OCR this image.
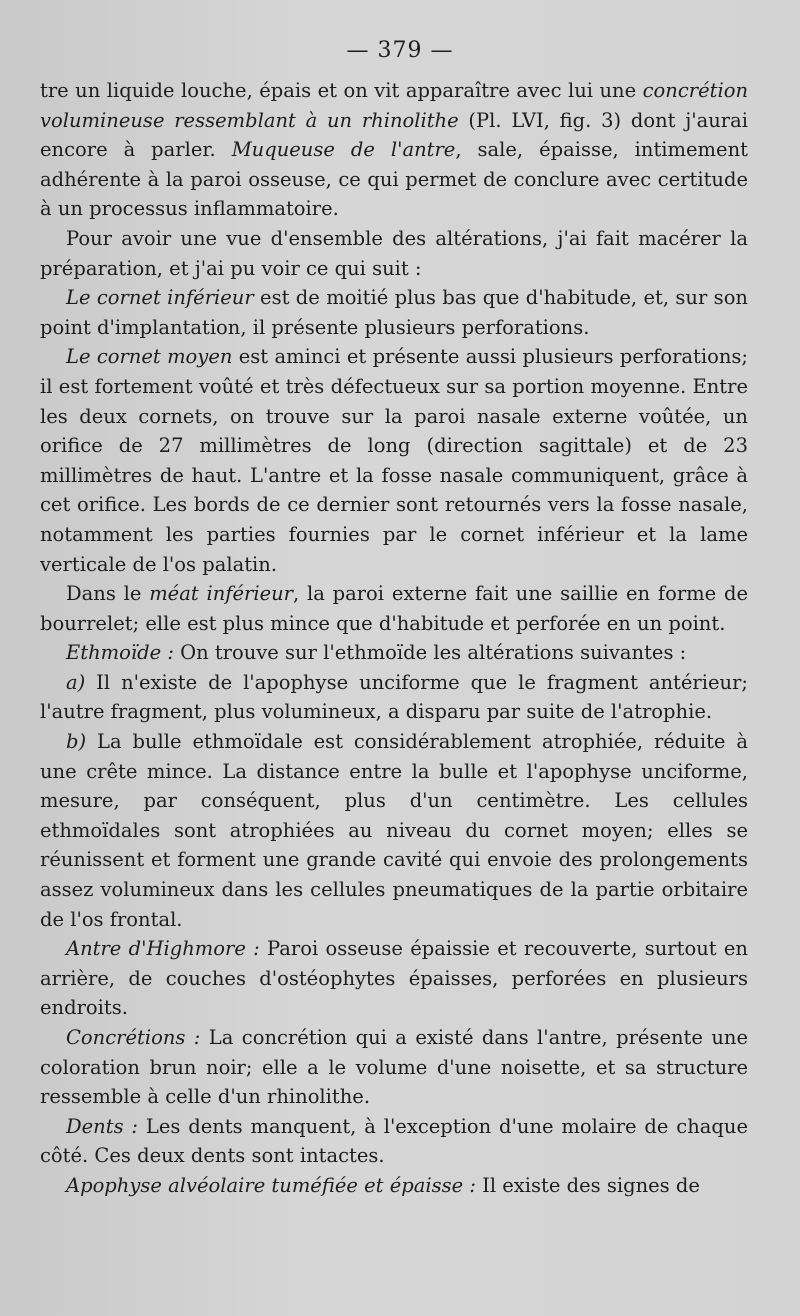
— 379 —

tre un liquide louche, épais et on vit apparaître avec lui une concrétion volumineuse ressemblant à un rhinolithe (Pl. LVI, fig. 3) dont j'aurai encore à parler. Muqueuse de l'antre, sale, épaisse, intimement adhérente à la paroi osseuse, ce qui permet de conclure avec certitude à un processus inflammatoire.

Pour avoir une vue d'ensemble des altérations, j'ai fait macérer la préparation, et j'ai pu voir ce qui suit :

Le cornet inférieur est de moitié plus bas que d'habitude, et, sur son point d'implantation, il présente plusieurs perforations.

Le cornet moyen est aminci et présente aussi plusieurs perforations; il est fortement voûté et très défectueux sur sa portion moyenne. Entre les deux cornets, on trouve sur la paroi nasale externe voûtée, un orifice de 27 millimètres de long (direction sagittale) et de 23 millimètres de haut. L'antre et la fosse nasale communiquent, grâce à cet orifice. Les bords de ce dernier sont retournés vers la fosse nasale, notamment les parties fournies par le cornet inférieur et la lame verticale de l'os palatin.

Dans le méat inférieur, la paroi externe fait une saillie en forme de bourrelet; elle est plus mince que d'habitude et perforée en un point.

Ethmoïde : On trouve sur l'ethmoïde les altérations suivantes :

a) Il n'existe de l'apophyse unciforme que le fragment antérieur; l'autre fragment, plus volumineux, a disparu par suite de l'atrophie.

b) La bulle ethmoïdale est considérablement atrophiée, réduite à une crête mince. La distance entre la bulle et l'apophyse unciforme, mesure, par conséquent, plus d'un centimètre. Les cellules ethmoïdales sont atrophiées au niveau du cornet moyen; elles se réunissent et forment une grande cavité qui envoie des prolongements assez volumineux dans les cellules pneumatiques de la partie orbitaire de l'os frontal.

Antre d'Highmore : Paroi osseuse épaissie et recouverte, surtout en arrière, de couches d'ostéophytes épaisses, perforées en plusieurs endroits.

Concrétions : La concrétion qui a existé dans l'antre, présente une coloration brun noir; elle a le volume d'une noisette, et sa structure ressemble à celle d'un rhinolithe.

Dents : Les dents manquent, à l'exception d'une molaire de chaque côté. Ces deux dents sont intactes.

Apophyse alvéolaire tuméfiée et épaisse : Il existe des signes de
